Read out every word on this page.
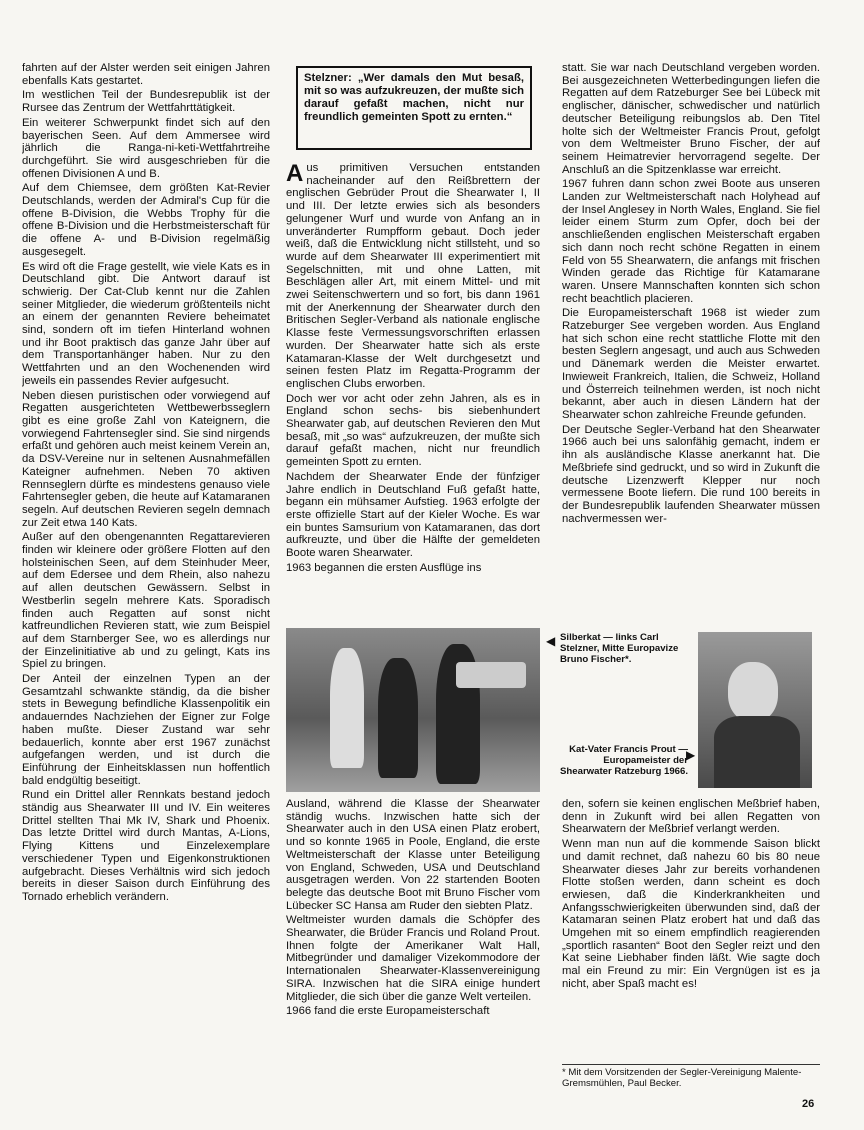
fahrten auf der Alster werden seit einigen Jahren ebenfalls Kats gestartet.

Im westlichen Teil der Bundesrepublik ist der Rursee das Zentrum der Wettfahrttätigkeit.

Ein weiterer Schwerpunkt findet sich auf den bayerischen Seen. Auf dem Ammersee wird jährlich die Ranga-ni-keti-Wettfahrtreihe durchgeführt. Sie wird ausgeschrieben für die offenen Divisionen A und B.

Auf dem Chiemsee, dem größten Kat-Revier Deutschlands, werden der Admiral's Cup für die offene B-Division, die Webbs Trophy für die offene B-Division und die Herbstmeisterschaft für die offene A- und B-Division regelmäßig ausgesegelt.

Es wird oft die Frage gestellt, wie viele Kats es in Deutschland gibt. Die Antwort darauf ist schwierig. Der Cat-Club kennt nur die Zahlen seiner Mitglieder, die wiederum größtenteils nicht an einem der genannten Reviere beheimatet sind, sondern oft im tiefen Hinterland wohnen und ihr Boot praktisch das ganze Jahr über auf dem Transportanhänger haben. Nur zu den Wettfahrten und an den Wochenenden wird jeweils ein passendes Revier aufgesucht.

Neben diesen puristischen oder vorwiegend auf Regatten ausgerichteten Wettbewerbsseglern gibt es eine große Zahl von Kateignern, die vorwiegend Fahrtensegler sind. Sie sind nirgends erfaßt und gehören auch meist keinem Verein an, da DSV-Vereine nur in seltenen Ausnahmefällen Kateigner aufnehmen. Neben 70 aktiven Rennseglern dürfte es mindestens genauso viele Fahrtensegler geben, die heute auf Katamaranen segeln. Auf deutschen Revieren segeln demnach zur Zeit etwa 140 Kats.

Außer auf den obengenannten Regattarevieren finden wir kleinere oder größere Flotten auf den holsteinischen Seen, auf dem Steinhuder Meer, auf dem Edersee und dem Rhein, also nahezu auf allen deutschen Gewässern. Selbst in Westberlin segeln mehrere Kats. Sporadisch finden auch Regatten auf sonst nicht katfreundlichen Revieren statt, wie zum Beispiel auf dem Starnberger See, wo es allerdings nur der Einzelinitiative ab und zu gelingt, Kats ins Spiel zu bringen.

Der Anteil der einzelnen Typen an der Gesamtzahl schwankte ständig, da die bisher stets in Bewegung befindliche Klassenpolitik ein andauerndes Nachziehen der Eigner zur Folge haben mußte. Dieser Zustand war sehr bedauerlich, konnte aber erst 1967 zunächst aufgefangen werden, und ist durch die Einführung der Einheitsklassen nun hoffentlich bald endgültig beseitigt.

Rund ein Drittel aller Rennkats bestand jedoch ständig aus Shearwater III und IV. Ein weiteres Drittel stellten Thai Mk IV, Shark und Phoenix. Das letzte Drittel wird durch Mantas, A-Lions, Flying Kittens und Einzelexemplare verschiedener Typen und Eigenkonstruktionen aufgebracht. Dieses Verhältnis wird sich jedoch bereits in dieser Saison durch Einführung des Tornado erheblich verändern.

Stelzner: „Wer damals den Mut besaß, mit so was aufzukreuzen, der mußte sich darauf gefaßt machen, nicht nur freundlich gemeinten Spott zu ernten.“

Aus primitiven Versuchen entstanden nacheinander auf den Reißbrettern der englischen Gebrüder Prout die Shearwater I, II und III. Der letzte erwies sich als besonders gelungener Wurf und wurde von Anfang an in unveränderter Rumpfform gebaut. Doch jeder weiß, daß die Entwicklung nicht stillsteht, und so wurde auf dem Shearwater III experimentiert mit Segelschnitten, mit und ohne Latten, mit Beschlägen aller Art, mit einem Mittel- und mit zwei Seitenschwertern und so fort, bis dann 1961 mit der Anerkennung der Shearwater durch den Britischen Segler-Verband als nationale englische Klasse feste Vermessungsvorschriften erlassen wurden. Der Shearwater hatte sich als erste Katamaran-Klasse der Welt durchgesetzt und seinen festen Platz im Regatta-Programm der englischen Clubs erworben.

Doch wer vor acht oder zehn Jahren, als es in England schon sechs- bis siebenhundert Shearwater gab, auf deutschen Revieren den Mut besaß, mit „so was“ aufzukreuzen, der mußte sich darauf gefaßt machen, nicht nur freundlich gemeinten Spott zu ernten.

Nachdem der Shearwater Ende der fünfziger Jahre endlich in Deutschland Fuß gefaßt hatte, begann ein mühsamer Aufstieg. 1963 erfolgte der erste offizielle Start auf der Kieler Woche. Es war ein buntes Samsurium von Katamaranen, das dort aufkreuzte, und über die Hälfte der gemeldeten Boote waren Shearwater.

1963 begannen die ersten Ausflüge ins

Silberkat — links Carl Stelzner, Mitte Europavize Bruno Fischer*.
◀
Kat-Vater Francis Prout — Europameister der Shearwater Ratzeburg 1966.
▶

Ausland, während die Klasse der Shearwater ständig wuchs. Inzwischen hatte sich der Shearwater auch in den USA einen Platz erobert, und so konnte 1965 in Poole, England, die erste Weltmeisterschaft der Klasse unter Beteiligung von England, Schweden, USA und Deutschland ausgetragen werden. Von 22 startenden Booten belegte das deutsche Boot mit Bruno Fischer vom Lübecker SC Hansa am Ruder den siebten Platz.

Weltmeister wurden damals die Schöpfer des Shearwater, die Brüder Francis und Roland Prout. Ihnen folgte der Amerikaner Walt Hall, Mitbegründer und damaliger Vizekommodore der Internationalen Shearwater-Klassenvereinigung SIRA. Inzwischen hat die SIRA einige hundert Mitglieder, die sich über die ganze Welt verteilen.

1966 fand die erste Europameisterschaft

statt. Sie war nach Deutschland vergeben worden. Bei ausgezeichneten Wetterbedingungen liefen die Regatten auf dem Ratzeburger See bei Lübeck mit englischer, dänischer, schwedischer und natürlich deutscher Beteiligung reibungslos ab. Den Titel holte sich der Weltmeister Francis Prout, gefolgt von dem Weltmeister Bruno Fischer, der auf seinem Heimatrevier hervorragend segelte. Der Anschluß an die Spitzenklasse war erreicht.

1967 fuhren dann schon zwei Boote aus unseren Landen zur Weltmeisterschaft nach Holyhead auf der Insel Anglesey in North Wales, England. Sie fiel leider einem Sturm zum Opfer, doch bei der anschließenden englischen Meisterschaft ergaben sich dann noch recht schöne Regatten in einem Feld von 55 Shearwatern, die anfangs mit frischen Winden gerade das Richtige für Katamarane waren. Unsere Mannschaften konnten sich schon recht beachtlich placieren.

Die Europameisterschaft 1968 ist wieder zum Ratzeburger See vergeben worden. Aus England hat sich schon eine recht stattliche Flotte mit den besten Seglern angesagt, und auch aus Schweden und Dänemark werden die Meister erwartet. Inwieweit Frankreich, Italien, die Schweiz, Holland und Österreich teilnehmen werden, ist noch nicht bekannt, aber auch in diesen Ländern hat der Shearwater schon zahlreiche Freunde gefunden.

Der Deutsche Segler-Verband hat den Shearwater 1966 auch bei uns salonfähig gemacht, indem er ihn als ausländische Klasse anerkannt hat. Die Meßbriefe sind gedruckt, und so wird in Zukunft die deutsche Lizenzwerft Klepper nur noch vermessene Boote liefern. Die rund 100 bereits in der Bundesrepublik laufenden Shearwater müssen nachvermessen wer-

den, sofern sie keinen englischen Meßbrief haben, denn in Zukunft wird bei allen Regatten von Shearwatern der Meßbrief verlangt werden.

Wenn man nun auf die kommende Saison blickt und damit rechnet, daß nahezu 60 bis 80 neue Shearwater dieses Jahr zur bereits vorhandenen Flotte stoßen werden, dann scheint es doch erwiesen, daß die Kinderkrankheiten und Anfangsschwierigkeiten überwunden sind, daß der Katamaran seinen Platz erobert hat und daß das Umgehen mit so einem empfindlich reagierenden „sportlich rasanten“ Boot den Segler reizt und den Kat seine Liebhaber finden läßt. Wie sagte doch mal ein Freund zu mir: Ein Vergnügen ist es ja nicht, aber Spaß macht es!

* Mit dem Vorsitzenden der Segler-Vereinigung Malente-Gremsmühlen, Paul Becker.
26
